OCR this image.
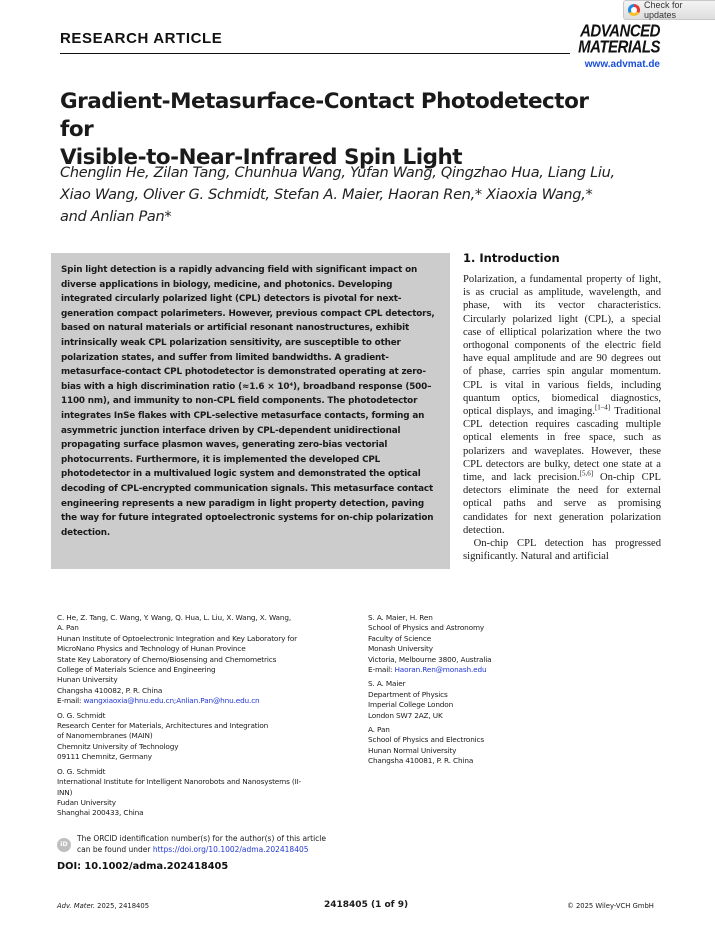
Check for updates
RESEARCH ARTICLE	ADVANCED
MATERIALS
www.advmat.de
Gradient-Metasurface-Contact Photodetector for
Visible-to-Near-Infrared Spin Light
Chenglin He, Zilan Tang, Chunhua Wang, Yufan Wang, Qingzhao Hua, Liang Liu,
Xiao Wang, Oliver G. Schmidt, Stefan A. Maier, Haoran Ren,* Xiaoxia Wang,*
and Anlian Pan*
Spin light detection is a rapidly advancing field with significant impact on diverse applications in biology, medicine, and photonics. Developing integrated circularly polarized light (CPL) detectors is pivotal for next-generation compact polarimeters. However, previous compact CPL detectors, based on natural materials or artificial resonant nanostructures, exhibit intrinsically weak CPL polarization sensitivity, are susceptible to other polarization states, and suffer from limited bandwidths. A gradient-metasurface-contact CPL photodetector is demonstrated operating at zero-bias with a high discrimination ratio (≈1.6 × 10⁴), broadband response (500–1100 nm), and immunity to non-CPL field components. The photodetector integrates InSe flakes with CPL-selective metasurface contacts, forming an asymmetric junction interface driven by CPL-dependent unidirectional propagating surface plasmon waves, generating zero-bias vectorial photocurrents. Furthermore, it is implemented the developed CPL photodetector in a multivalued logic system and demonstrated the optical decoding of CPL-encrypted communication signals. This metasurface contact engineering represents a new paradigm in light property detection, paving the way for future integrated optoelectronic systems for on-chip polarization detection.
1. Introduction

Polarization, a fundamental property of light, is as crucial as amplitude, wavelength, and phase, with its vector characteristics. Circularly polarized light (CPL), a special case of elliptical polarization where the two orthogonal components of the electric field have equal amplitude and are 90 degrees out of phase, carries spin angular momentum. CPL is vital in various fields, including quantum optics, biomedical diagnostics, optical displays, and imaging.[1–4] Traditional CPL detection requires cascading multiple optical elements in free space, such as polarizers and waveplates. However, these CPL detectors are bulky, detect one state at a time, and lack precision.[5,6] On-chip CPL detectors eliminate the need for external optical paths and serve as promising candidates for next generation polarization detection.

On-chip CPL detection has progressed significantly. Natural and artificial

C. He, Z. Tang, C. Wang, Y. Wang, Q. Hua, L. Liu, X. Wang, X. Wang,
A. Pan
Hunan Institute of Optoelectronic Integration and Key Laboratory for
MicroNano Physics and Technology of Hunan Province
State Key Laboratory of Chemo/Biosensing and Chemometrics
College of Materials Science and Engineering
Hunan University
Changsha 410082, P. R. China
E-mail: wangxiaoxia@hnu.edu.cn;Anlian.Pan@hnu.edu.cn
O. G. Schmidt
Research Center for Materials, Architectures and Integration
of Nanomembranes (MAIN)
Chemnitz University of Technology
09111 Chemnitz, Germany
O. G. Schmidt
International Institute for Intelligent Nanorobots and Nanosystems (II-
INN)
Fudan University
Shanghai 200433, China
S. A. Maier, H. Ren
School of Physics and Astronomy
Faculty of Science
Monash University
Victoria, Melbourne 3800, Australia
E-mail: Haoran.Ren@monash.edu
S. A. Maier
Department of Physics
Imperial College London
London SW7 2AZ, UK
A. Pan
School of Physics and Electronics
Hunan Normal University
Changsha 410081, P. R. China
iD
The ORCID identification number(s) for the author(s) of this article
can be found under https://doi.org/10.1002/adma.202418405
DOI: 10.1002/adma.202418405
Adv. Mater. 2025, 2418405	2418405 (1 of 9)	© 2025 Wiley-VCH GmbH
